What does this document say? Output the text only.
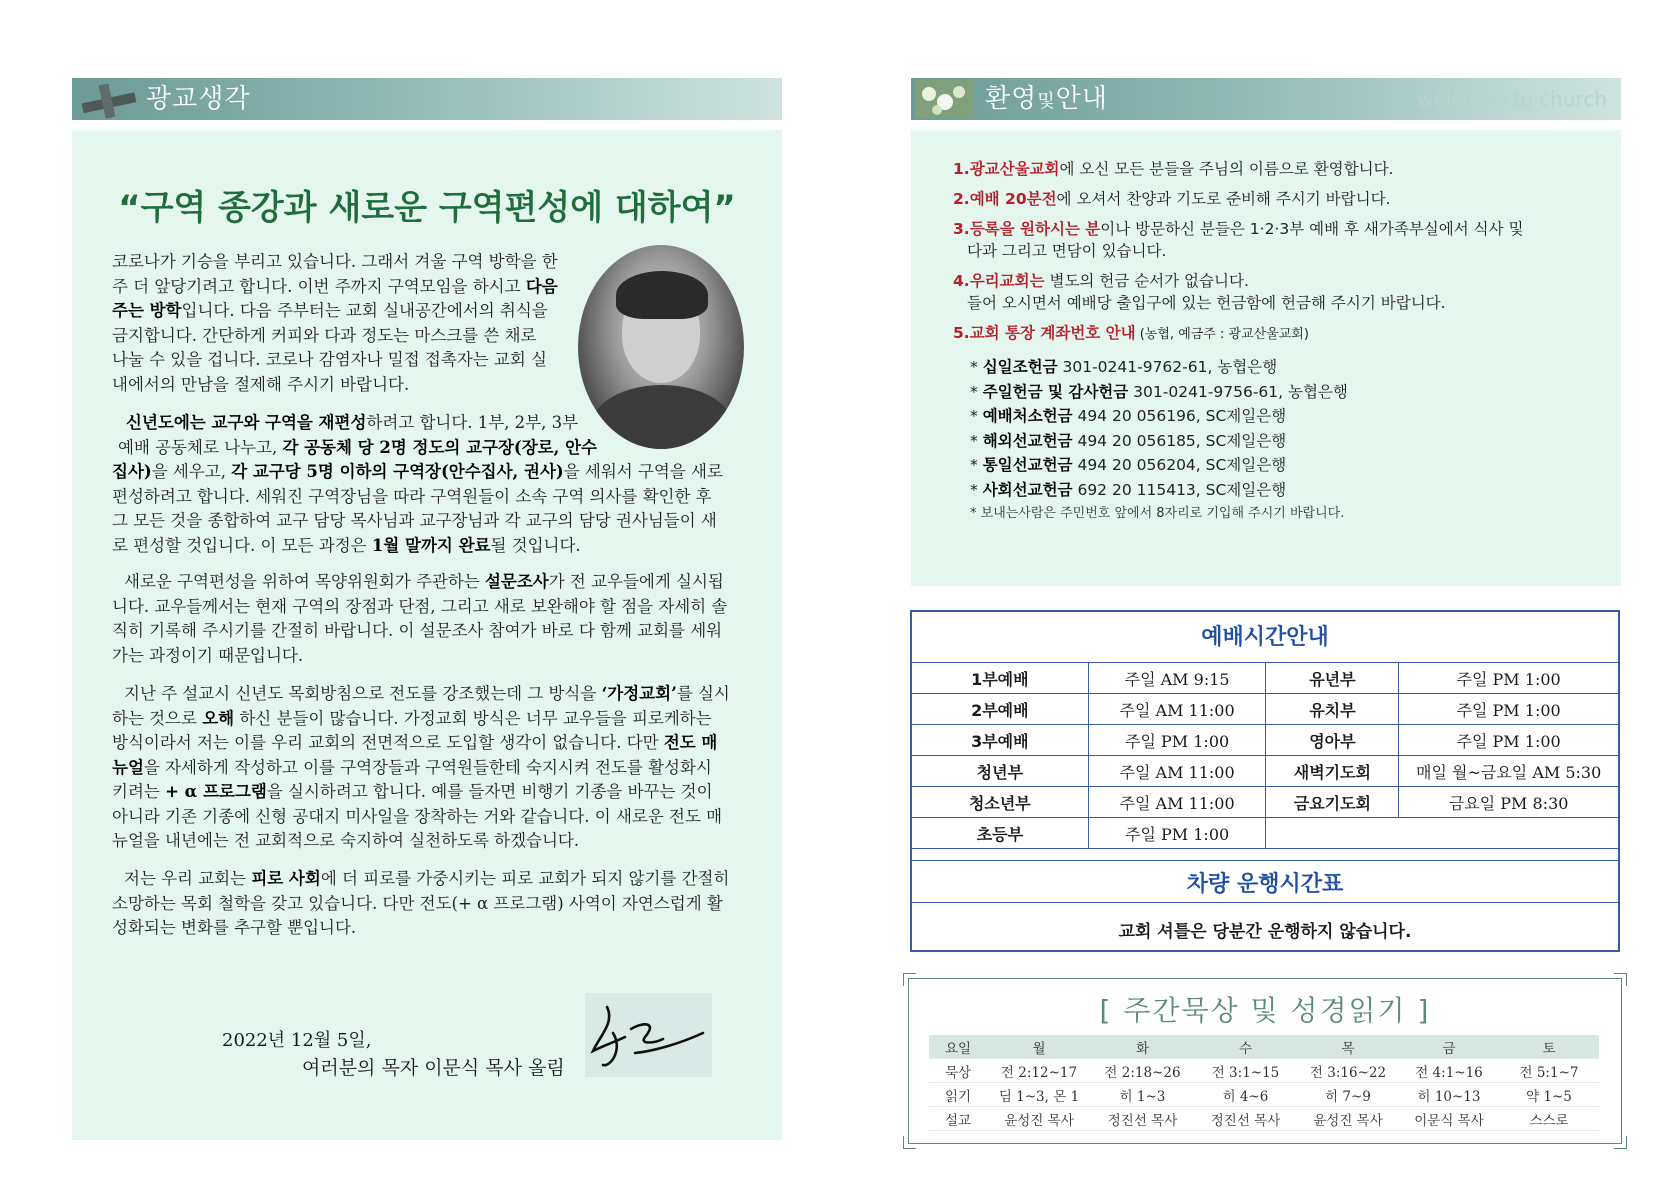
광교생각
“구역 종강과 새로운 구역편성에 대하여”
코로나가 기승을 부리고 있습니다. 그래서 겨울 구역 방학을 한
주 더 앞당기려고 합니다. 이번 주까지 구역모임을 하시고 다음
주는 방학입니다. 다음 주부터는 교회 실내공간에서의 취식을
금지합니다. 간단하게 커피와 다과 정도는 마스크를 쓴 채로
나눌 수 있을 겁니다. 코로나 감염자나 밀접 접촉자는 교회 실
내에서의 만남을 절제해 주시기 바랍니다.
신년도에는 교구와 구역을 재편성하려고 합니다. 1부, 2부, 3부
예배 공동체로 나누고, 각 공동체 당 2명 정도의 교구장(장로, 안수
집사)을 세우고, 각 교구당 5명 이하의 구역장(안수집사, 권사)을 세워서 구역을 새로
편성하려고 합니다. 세워진 구역장님을 따라 구역원들이 소속 구역 의사를 확인한 후
그 모든 것을 종합하여 교구 담당 목사님과 교구장님과 각 교구의 담당 권사님들이 새
로 편성할 것입니다. 이 모든 과정은 1월 말까지 완료될 것입니다.
새로운 구역편성을 위하여 목양위원회가 주관하는 설문조사가 전 교우들에게 실시됩
니다. 교우들께서는 현재 구역의 장점과 단점, 그리고 새로 보완해야 할 점을 자세히 솔
직히 기록해 주시기를 간절히 바랍니다. 이 설문조사 참여가 바로 다 함께 교회를 세워
가는 과정이기 때문입니다.
지난 주 설교시 신년도 목회방침으로 전도를 강조했는데 그 방식을 ‘가정교회’를 실시
하는 것으로 오해 하신 분들이 많습니다. 가정교회 방식은 너무 교우들을 피로케하는
방식이라서 저는 이를 우리 교회의 전면적으로 도입할 생각이 없습니다. 다만 전도 매
뉴얼을 자세하게 작성하고 이를 구역장들과 구역원들한테 숙지시켜 전도를 활성화시
키려는 + α 프로그램을 실시하려고 합니다. 예를 들자면 비행기 기종을 바꾸는 것이
아니라 기존 기종에 신형 공대지 미사일을 장착하는 거와 같습니다. 이 새로운 전도 매
뉴얼을 내년에는 전 교회적으로 숙지하여 실천하도록 하겠습니다.
저는 우리 교회는 피로 사회에 더 피로를 가중시키는 피로 교회가 되지 않기를 간절히
소망하는 목회 철학을 갖고 있습니다. 다만 전도(+ α 프로그램) 사역이 자연스럽게 활
성화되는 변화를 추구할 뿐입니다.
2022년 12월 5일,
여러분의 목자 이문식 목사 올림
환영및안내	welcome to church
1.광교산울교회에 오신 모든 분들을 주님의 이름으로 환영합니다.
2.예배 20분전에 오셔서 찬양과 기도로 준비해 주시기 바랍니다.
3.등록을 원하시는 분이나 방문하신 분들은 1·2·3부 예배 후 새가족부실에서 식사 및
다과 그리고 면담이 있습니다.
4.우리교회는 별도의 헌금 순서가 없습니다.
들어 오시면서 예배당 출입구에 있는 헌금함에 헌금해 주시기 바랍니다.
5.교회 통장 계좌번호 안내 (농협, 예금주 : 광교산울교회)
* 십일조헌금 301-0241-9762-61, 농협은행
* 주일헌금 및 감사헌금 301-0241-9756-61, 농협은행
* 예배처소헌금 494 20 056196, SC제일은행
* 해외선교헌금 494 20 056185, SC제일은행
* 통일선교헌금 494 20 056204, SC제일은행
* 사회선교헌금 692 20 115413, SC제일은행
* 보내는사람은 주민번호 앞에서 8자리로 기입해 주시기 바랍니다.
예배시간안내
1부예배	주일 AM 9:15	유년부	주일 PM 1:00
2부예배	주일 AM 11:00	유치부	주일 PM 1:00
3부예배	주일 PM 1:00	영아부	주일 PM 1:00
청년부	주일 AM 11:00	새벽기도회	매일 월~금요일 AM 5:30
청소년부	주일 AM 11:00	금요기도회	금요일 PM 8:30
초등부	주일 PM 1:00		
차량 운행시간표
교회 셔틀은 당분간 운행하지 않습니다.
[ 주간묵상 및 성경읽기 ]
요일	월	화	수	목	금	토
묵상	전 2:12~17	전 2:18~26	전 3:1~15	전 3:16~22	전 4:1~16	전 5:1~7
읽기	딤 1~3, 몬 1	히 1~3	히 4~6	히 7~9	히 10~13	약 1~5
설교	윤성진 목사	정진선 목사	정진선 목사	윤성진 목사	이문식 목사	스스로
